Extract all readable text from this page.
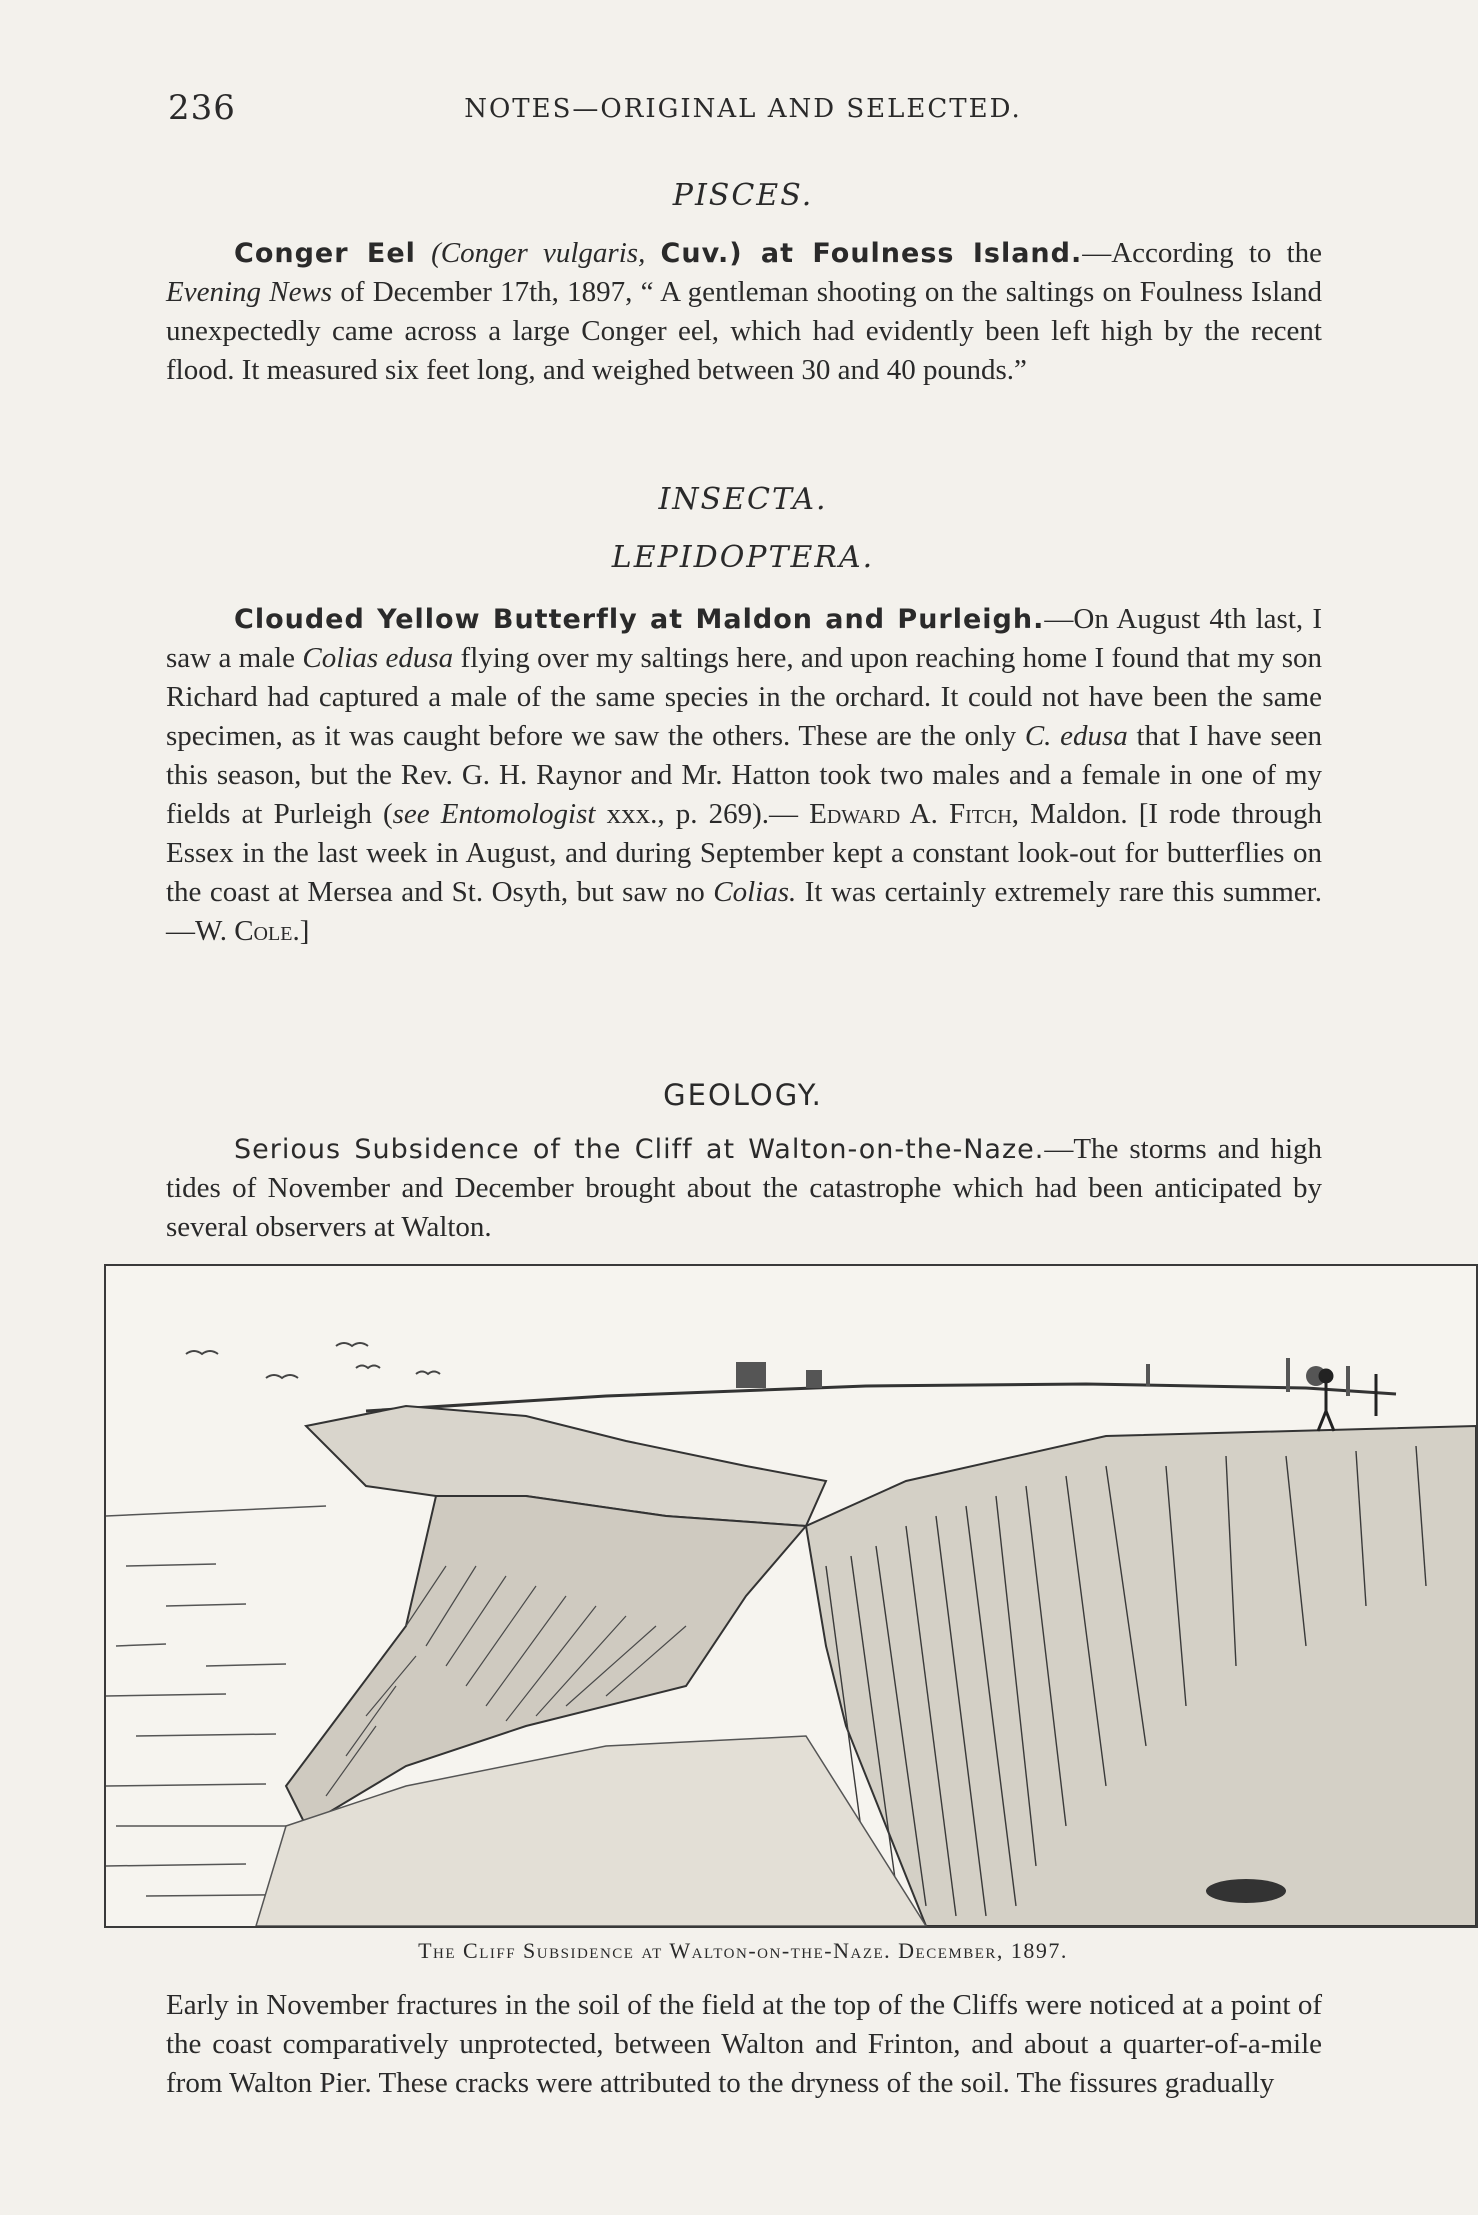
236	NOTES—ORIGINAL AND SELECTED.
PISCES.
Conger Eel (Conger vulgaris, Cuv.) at Foulness Island.—According to the Evening News of December 17th, 1897, “ A gentleman shooting on the saltings on Foulness Island unexpectedly came across a large Conger eel, which had evidently been left high by the recent flood. It measured six feet long, and weighed between 30 and 40 pounds.”
INSECTA.
LEPIDOPTERA.
Clouded Yellow Butterfly at Maldon and Purleigh.—On August 4th last, I saw a male Colias edusa flying over my saltings here, and upon reaching home I found that my son Richard had captured a male of the same species in the orchard. It could not have been the same specimen, as it was caught before we saw the others. These are the only C. edusa that I have seen this season, but the Rev. G. H. Raynor and Mr. Hatton took two males and a female in one of my fields at Purleigh (see Entomologist xxx., p. 269).— Edward A. Fitch, Maldon. [I rode through Essex in the last week in August, and during September kept a constant look-out for butterflies on the coast at Mersea and St. Osyth, but saw no Colias. It was certainly extremely rare this summer.—W. Cole.]
GEOLOGY.
Serious Subsidence of the Cliff at Walton-on-the-Naze.—The storms and high tides of November and December brought about the catastrophe which had been anticipated by several observers at Walton.
The Cliff Subsidence at Walton-on-the-Naze. December, 1897.
Early in November fractures in the soil of the field at the top of the Cliffs were noticed at a point of the coast comparatively unprotected, between Walton and Frinton, and about a quarter-of-a-mile from Walton Pier. These cracks were attributed to the dryness of the soil. The fissures gradually
